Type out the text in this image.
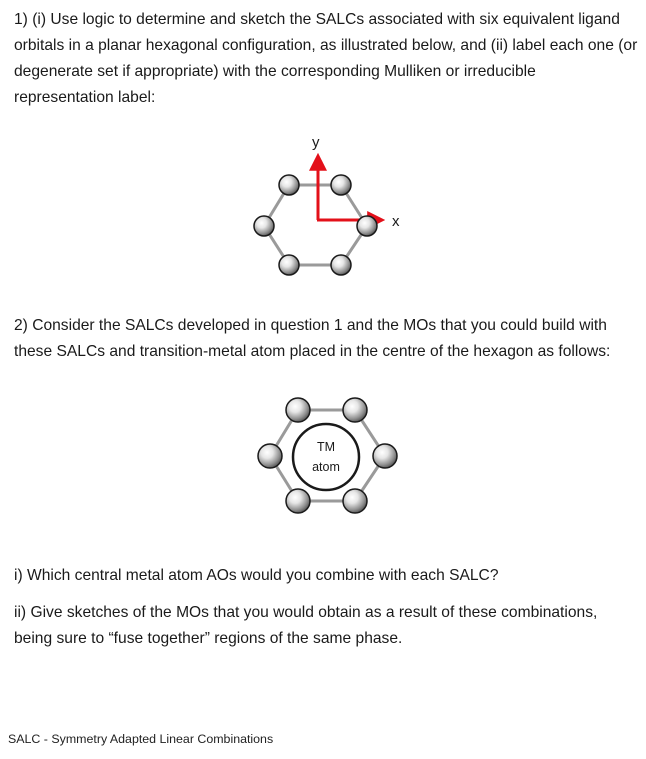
1) (i) Use logic to determine and sketch the SALCs associated with six equivalent ligand orbitals in a planar hexagonal configuration, as illustrated below, and (ii) label each one (or degenerate set if appropriate) with the corresponding Mulliken or irreducible representation label:

y
x

2) Consider the SALCs developed in question 1 and the MOs that you could build with these SALCs and transition-metal atom placed in the centre of the hexagon as follows:

TM
atom

i) Which central metal atom AOs would you combine with each SALC?

ii) Give sketches of the MOs that you would obtain as a result of these combinations, being sure to “fuse together” regions of the same phase.

SALC - Symmetry Adapted Linear Combinations
